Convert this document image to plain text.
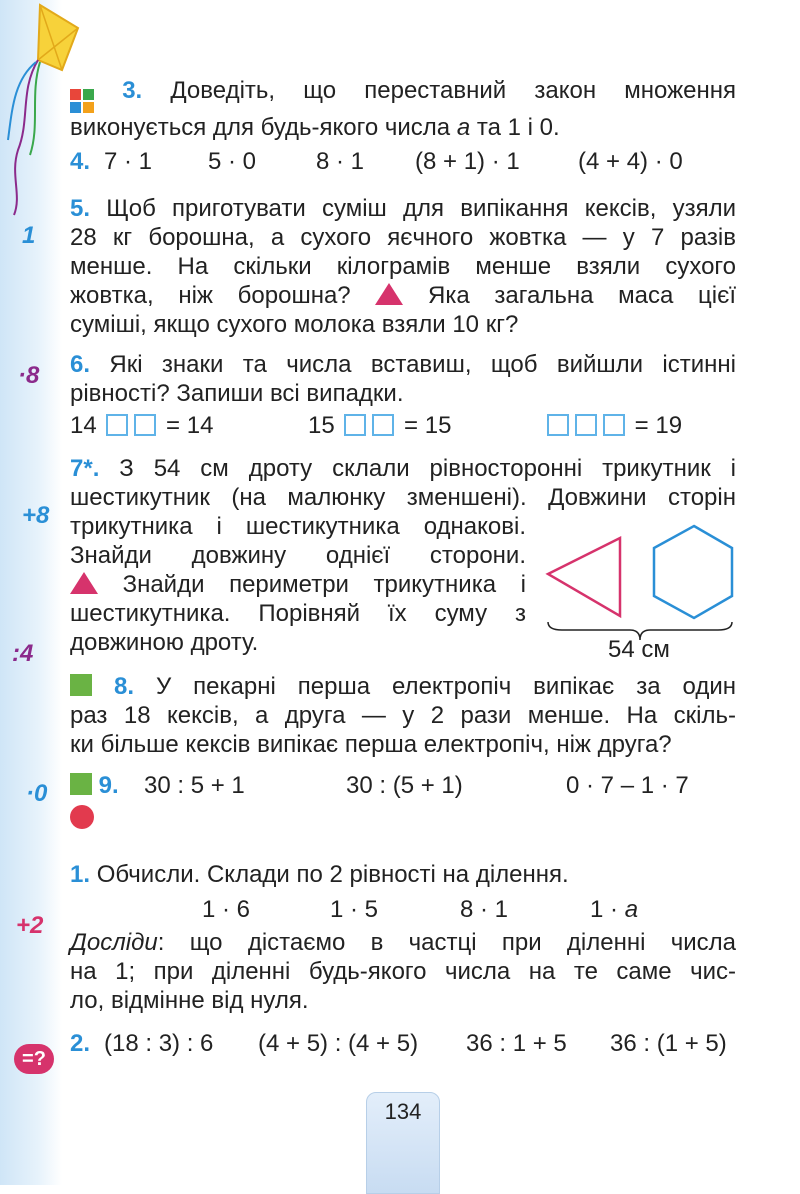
1
·8
+8
:4
·0
+2
=?
3. Доведіть, що переставний закон множення
виконується для будь-якого числа а та 1 і 0.
4. 7 · 1 5 · 0 8 · 1 (8 + 1) · 1 (4 + 4) · 0
5. Щоб приготувати суміш для випікання кексів, узяли
28 кг борошна, а сухого яєчного жовтка — у 7 разів
менше. На скільки кілограмів менше взяли сухого
жовтка, ніж борошна?  Яка загальна маса цієї
суміші, якщо сухого молока взяли 10 кг?
6. Які знаки та числа вставиш, щоб вийшли істинні
рівності? Запиши всі випадки.
14	= 14	15	= 15	= 19
7*. З 54 см дроту склали рівносторонні трикутник і
шестикутник (на малюнку зменшені). Довжини сторін
трикутника і шестикутника однакові.
Знайди довжину однієї сторони.
Знайди периметри трикутника і
шестикутника. Порівняй їх суму з
довжиною дроту.	54 см
8. У пекарні перша електропіч випікає за один
раз 18 кексів, а друга — у 2 рази менше. На скіль-
ки більше кексів випікає перша електропіч, ніж друга?
9. 30 : 5 + 1	30 : (5 + 1)	0 · 7 – 1 · 7
1. Обчисли. Склади по 2 рівності на ділення.
1 · 6	1 · 5	8 · 1	1 · а
Досліди: що дістаємо в частці при діленні числа
на 1; при діленні будь-якого числа на те саме чис-
ло, відмінне від нуля.
2. (18 : 3) : 6 (4 + 5) : (4 + 5) 36 : 1 + 5 36 : (1 + 5)
134
